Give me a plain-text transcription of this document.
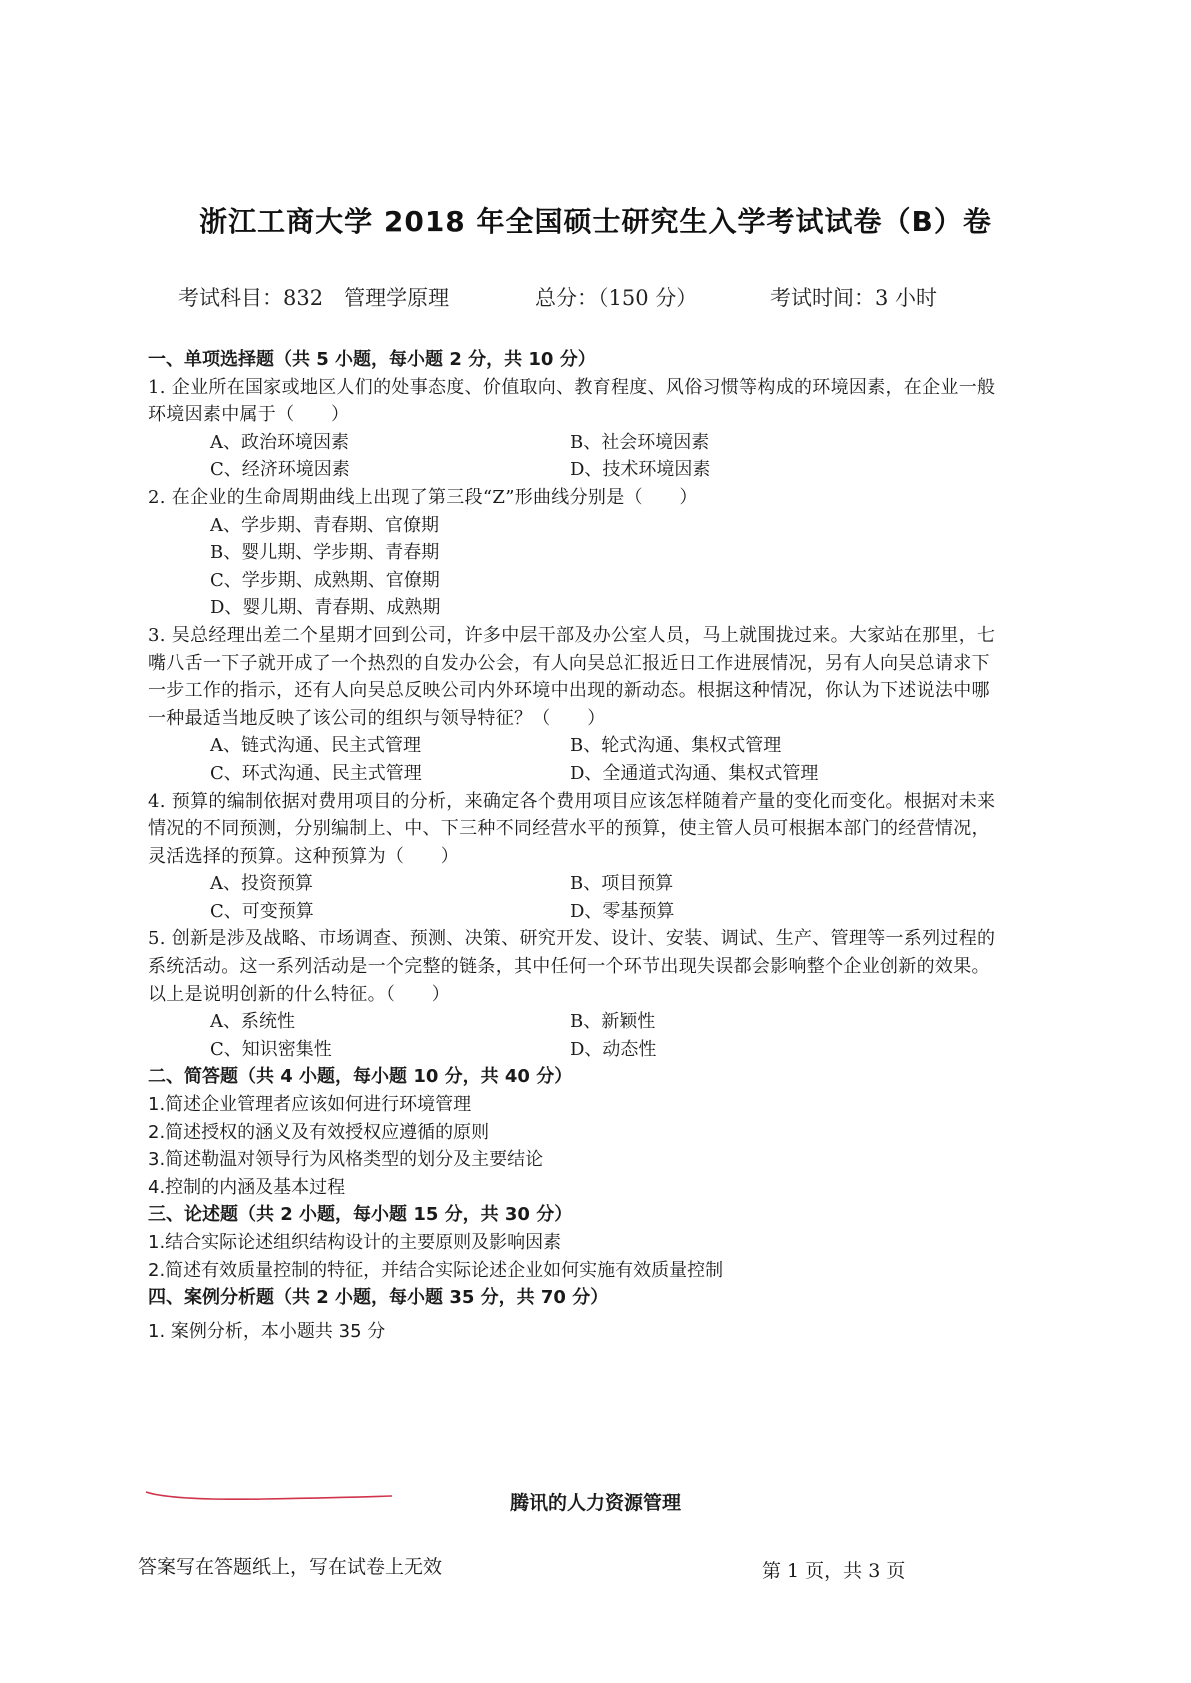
浙江工商大学 2018 年全国硕士研究生入学考试试卷（B）卷
考试科目：832　管理学原理	总分：（150 分）	考试时间：3 小时
一、单项选择题（共 5 小题，每小题 2 分，共 10 分）
1. 企业所在国家或地区人们的处事态度、价值取向、教育程度、风俗习惯等构成的环境因素，在企业一般环境因素中属于（　　）
A、政治环境因素	B、社会环境因素
C、经济环境因素	D、技术环境因素
2. 在企业的生命周期曲线上出现了第三段“Z”形曲线分别是（　　）
A、学步期、青春期、官僚期
B、婴儿期、学步期、青春期
C、学步期、成熟期、官僚期
D、婴儿期、青春期、成熟期
3. 吴总经理出差二个星期才回到公司，许多中层干部及办公室人员，马上就围拢过来。大家站在那里，七嘴八舌一下子就开成了一个热烈的自发办公会，有人向吴总汇报近日工作进展情况，另有人向吴总请求下一步工作的指示，还有人向吴总反映公司内外环境中出现的新动态。根据这种情况，你认为下述说法中哪一种最适当地反映了该公司的组织与领导特征？（　　）
A、链式沟通、民主式管理	B、轮式沟通、集权式管理
C、环式沟通、民主式管理	D、全通道式沟通、集权式管理
4. 预算的编制依据对费用项目的分析，来确定各个费用项目应该怎样随着产量的变化而变化。根据对未来情况的不同预测，分别编制上、中、下三种不同经营水平的预算，使主管人员可根据本部门的经营情况，灵活选择的预算。这种预算为（　　）
A、投资预算	B、项目预算
C、可变预算	D、零基预算
5. 创新是涉及战略、市场调查、预测、决策、研究开发、设计、安装、调试、生产、管理等一系列过程的系统活动。这一系列活动是一个完整的链条，其中任何一个环节出现失误都会影响整个企业创新的效果。以上是说明创新的什么特征。（　　）
A、系统性	B、新颖性
C、知识密集性	D、动态性
二、简答题（共 4 小题，每小题 10 分，共 40 分）
1.简述企业管理者应该如何进行环境管理
2.简述授权的涵义及有效授权应遵循的原则
3.简述勒温对领导行为风格类型的划分及主要结论
4.控制的内涵及基本过程
三、论述题（共 2 小题，每小题 15 分，共 30 分）
1.结合实际论述组织结构设计的主要原则及影响因素
2.简述有效质量控制的特征，并结合实际论述企业如何实施有效质量控制
四、案例分析题（共 2 小题，每小题 35 分，共 70 分）
1. 案例分析，本小题共 35 分
腾讯的人力资源管理
答案写在答题纸上，写在试卷上无效	第 1 页，共 3 页
